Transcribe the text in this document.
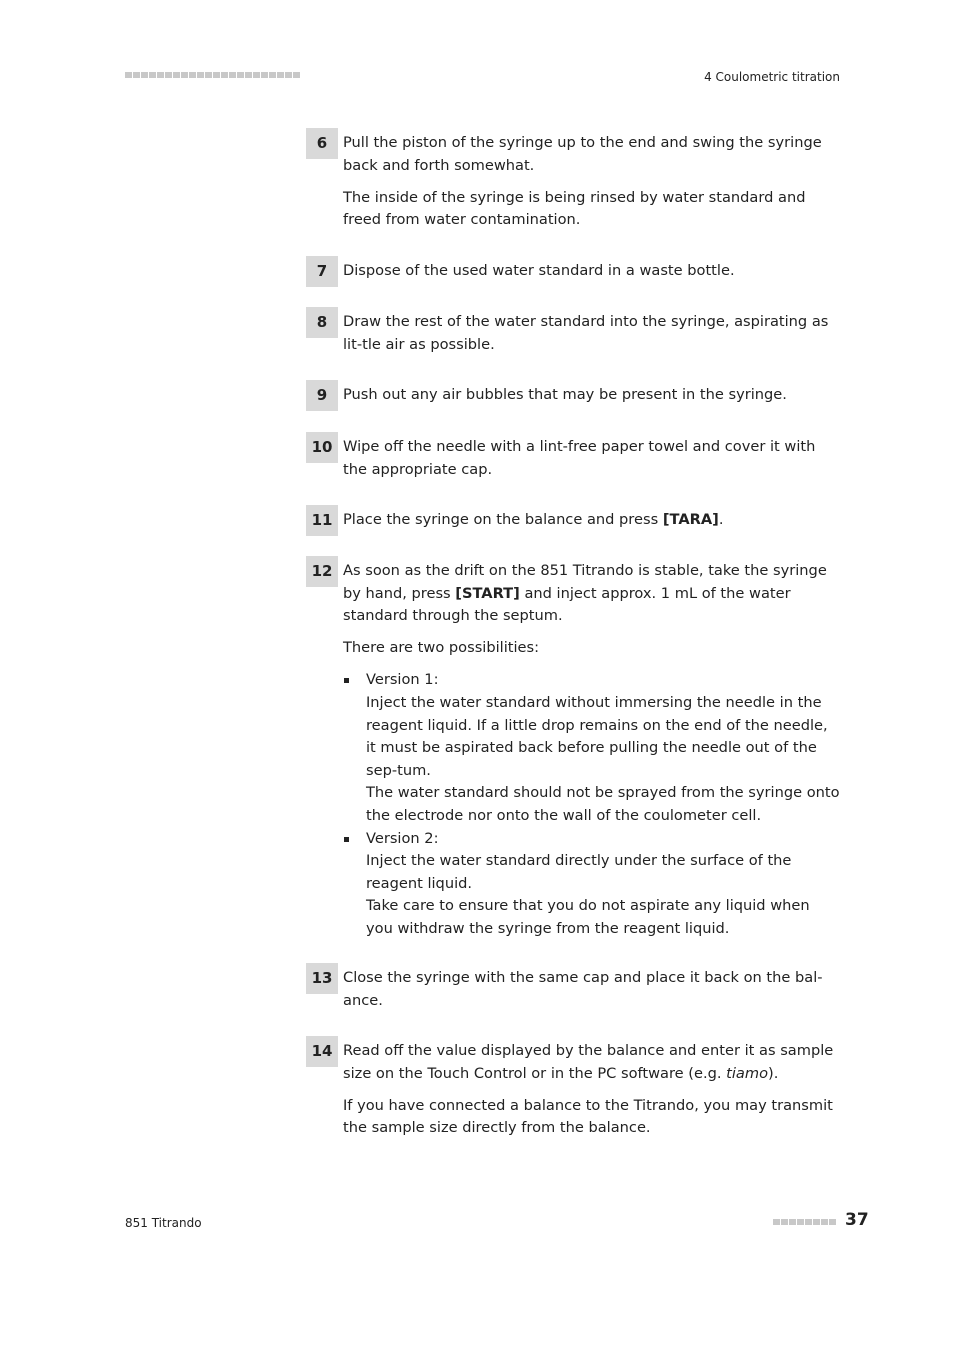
4 Coulometric titration
6	Pull the piston of the syringe up to the end and swing the syringe back and forth somewhat.

The inside of the syringe is being rinsed by water standard and freed from water contamination.

7	Dispose of the used water standard in a waste bottle.

8	Draw the rest of the water standard into the syringe, aspirating as lit-tle air as possible.

9	Push out any air bubbles that may be present in the syringe.

10 Wipe off the needle with a lint-free paper towel and cover it with the appropriate cap.

11 Place the syringe on the balance and press [TARA].

12 As soon as the drift on the 851 Titrando is stable, take the syringe by hand, press [START] and inject approx. 1 mL of the water standard through the septum.

There are two possibilities:

Version 1:
Inject the water standard without immersing the needle in the reagent liquid. If a little drop remains on the end of the needle, it must be aspirated back before pulling the needle out of the sep-tum.
The water standard should not be sprayed from the syringe onto the electrode nor onto the wall of the coulometer cell.
Version 2:
Inject the water standard directly under the surface of the reagent liquid.
Take care to ensure that you do not aspirate any liquid when you withdraw the syringe from the reagent liquid.
13 Close the syringe with the same cap and place it back on the bal-ance.

14 Read off the value displayed by the balance and enter it as sample size on the Touch Control or in the PC software (e.g. tiamo).

If you have connected a balance to the Titrando, you may transmit the sample size directly from the balance.

851 Titrando	37
